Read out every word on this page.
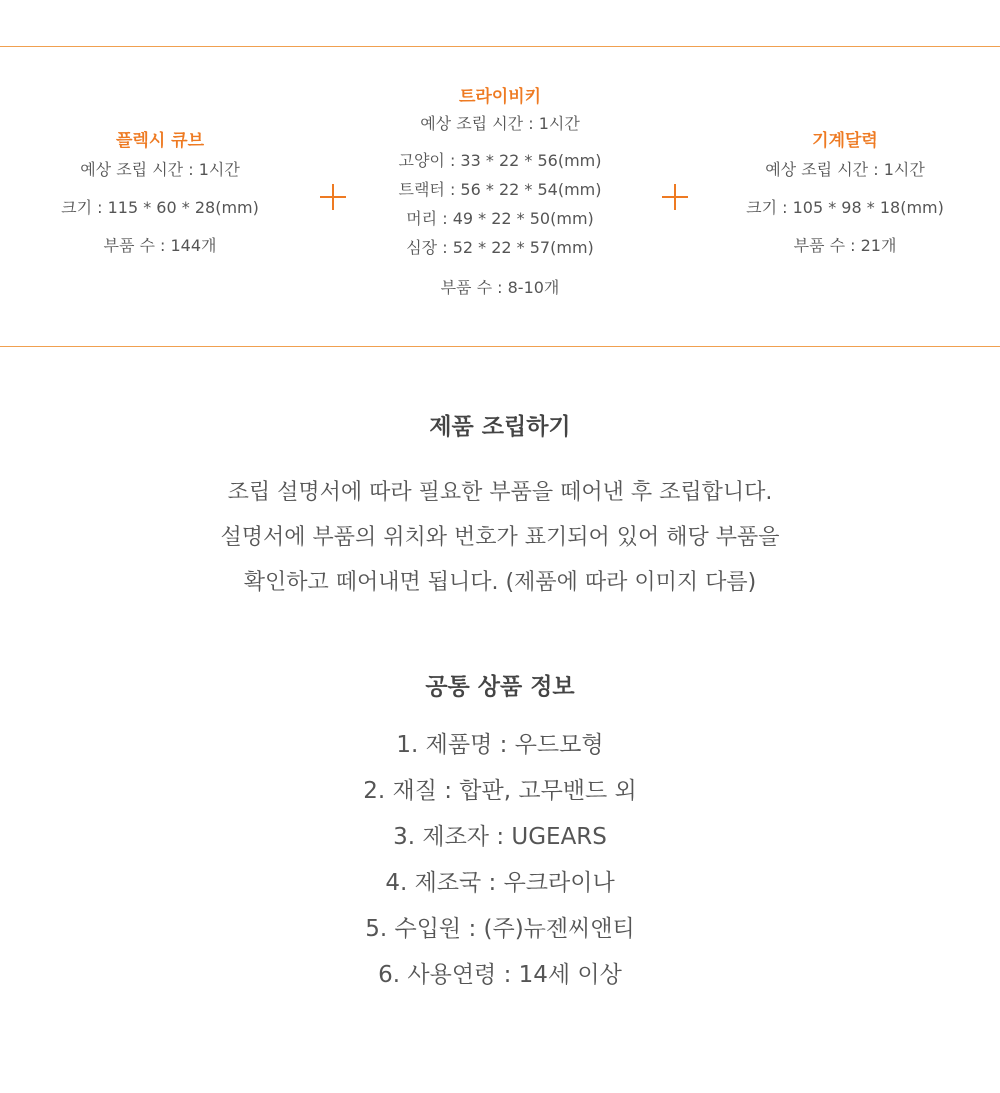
플렉시 큐브
예상 조립 시간 : 1시간
크기 : 115 * 60 * 28(mm)
부품 수 : 144개
트라이비키
예상 조립 시간 : 1시간
고양이 : 33 * 22 * 56(mm)
트랙터 : 56 * 22 * 54(mm)
머리 : 49 * 22 * 50(mm)
심장 : 52 * 22 * 57(mm)
부품 수 : 8-10개
기계달력
예상 조립 시간 : 1시간
크기 : 105 * 98 * 18(mm)
부품 수 : 21개
제품 조립하기
조립 설명서에 따라 필요한 부품을 떼어낸 후 조립합니다.
설명서에 부품의 위치와 번호가 표기되어 있어 해당 부품을
확인하고 떼어내면 됩니다. (제품에 따라 이미지 다름)
공통 상품 정보
1. 제품명 : 우드모형
2. 재질 : 합판, 고무밴드 외
3. 제조자 : UGEARS
4. 제조국 : 우크라이나
5. 수입원 : (주)뉴젠씨앤티
6. 사용연령 : 14세 이상
